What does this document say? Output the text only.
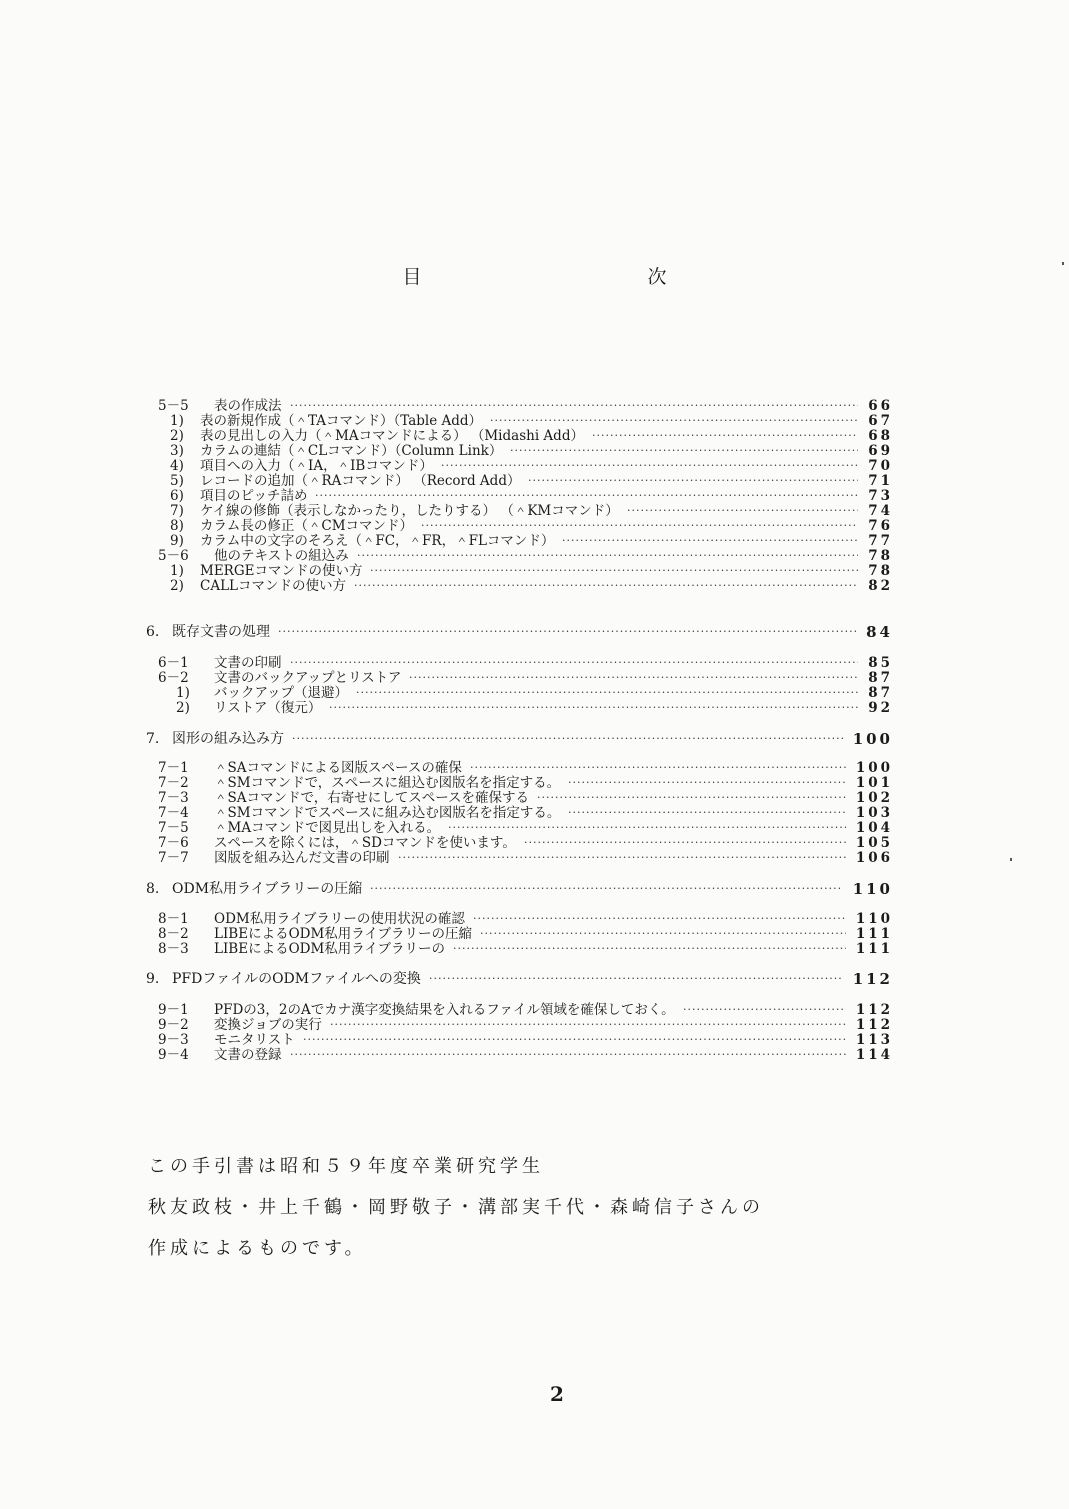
目 次
5－5 表の作成法 ·····	66
1) 表の新規作成（＾TAコマンド）（Table Add） ·····	67
2) 表の見出しの入力（＾MAコマンドによる） （Midashi Add） ·····	68
3) カラムの連結（＾CLコマンド）（Column Link） ·····	69
4) 項目への入力（＾IA，＾IBコマンド） ·····	70
5) レコードの追加（＾RAコマンド） （Record Add） ·····	71
6) 項目のピッチ詰め ·····	73
7) ケイ線の修飾（表示しなかったり，したりする） （＾KMコマンド） ·····	74
8) カラム長の修正（＾CMコマンド） ·····	76
9) カラム中の文字のそろえ（＾FC，＾FR，＾FLコマンド） ·····	77
5－6 他のテキストの組込み ·····	78
1) MERGEコマンドの使い方 ·····	78
2) CALLコマンドの使い方 ·····	82
6. 既存文書の処理 ·····	84
6－1 文書の印刷 ·····	85
6－2 文書のバックアップとリストア ·····	87
1) バックアップ（退避） ·····	87
2) リストア（復元） ·····	92
7. 図形の組み込み方 ·····	100
7－1 ＾SAコマンドによる図版スペースの確保 ·····	100
7－2 ＾SMコマンドで，スペースに組込む図版名を指定する。 ·····	101
7－3 ＾SAコマンドで，右寄せにしてスペースを確保する ·····	102
7－4 ＾SMコマンドでスペースに組み込む図版名を指定する。 ·····	103
7－5 ＾MAコマンドで図見出しを入れる。 ·····	104
7－6 スペースを除くには，＾SDコマンドを使います。 ·····	105
7－7 図版を組み込んだ文書の印刷 ·····	106
8. ODM私用ライブラリーの圧縮 ·····	110
8－1 ODM私用ライブラリーの使用状況の確認 ·····	110
8－2 LIBEによるODM私用ライブラリーの圧縮 ·····	111
8－3 LIBEによるODM私用ライブラリーの ·····	111
9. PFDファイルのODMファイルへの変換 ·····	112
9－1 PFDの3，2のAでカナ漢字変換結果を入れるファイル領域を確保しておく。 ·····	112
9－2 変換ジョブの実行 ·····	112
9－3 モニタリスト ·····	113
9－4 文書の登録 ·····	114
この手引書は昭和５９年度卒業研究学生
秋友政枝・井上千鶴・岡野敬子・溝部実千代・森崎信子さんの
作成によるものです。
2
